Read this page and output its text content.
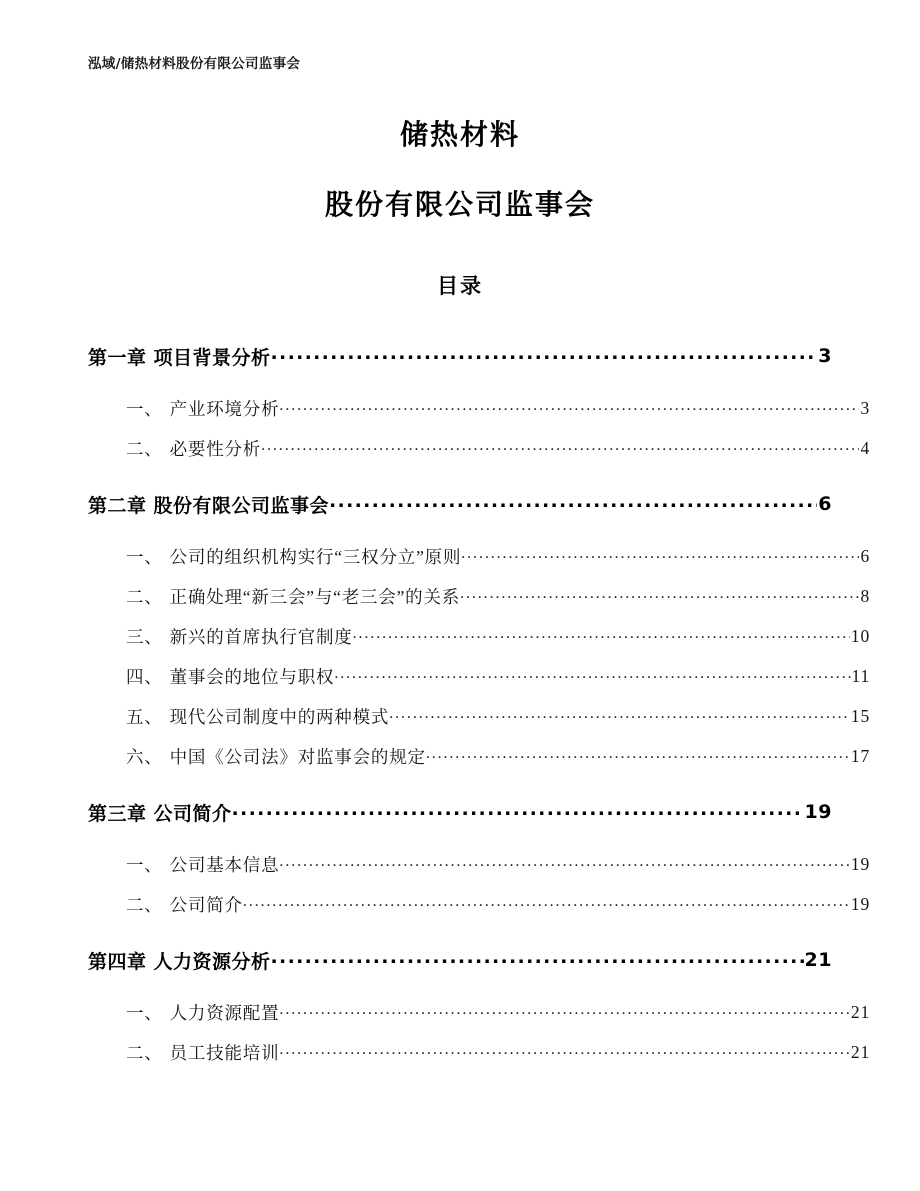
泓域/储热材料股份有限公司监事会
储热材料
股份有限公司监事会
目录
第一章 项目背景分析 .....	3
一、 产业环境分析 .....	3
二、 必要性分析 .....	4
第二章 股份有限公司监事会 .....	6
一、 公司的组织机构实行“三权分立”原则 .....	6
二、 正确处理“新三会”与“老三会”的关系 .....	8
三、 新兴的首席执行官制度 .....	10
四、 董事会的地位与职权 .....	11
五、 现代公司制度中的两种模式 .....	15
六、 中国《公司法》对监事会的规定 .....	17
第三章 公司简介 .....	19
一、 公司基本信息 .....	19
二、 公司简介 .....	19
第四章 人力资源分析 .....	21
一、 人力资源配置 .....	21
二、 员工技能培训 .....	21
